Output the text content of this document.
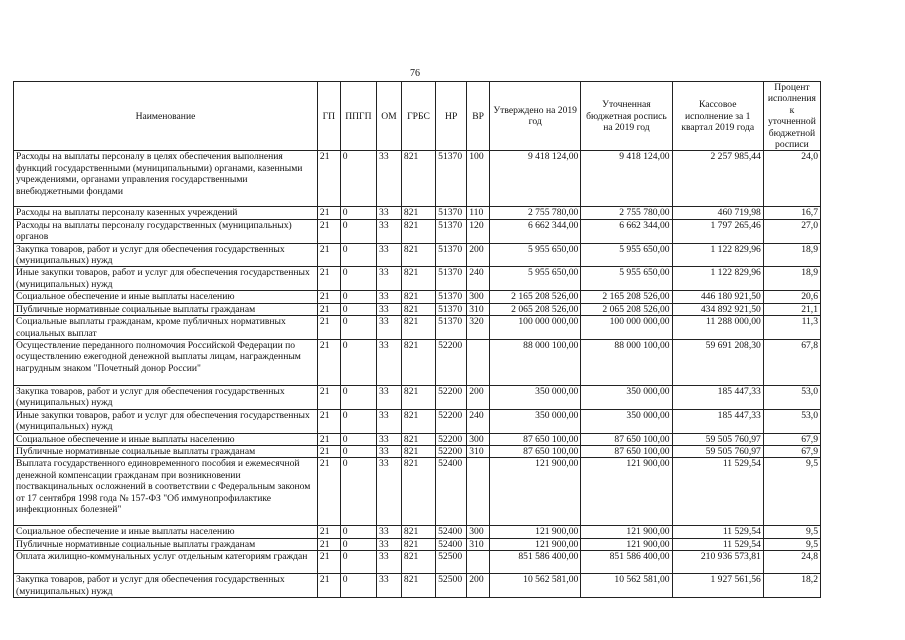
76
Наименование	ГП	ППГП	ОМ	ГРБС	НР	ВР	Утверждено на 2019 год	Уточненная бюджетная роспись на 2019 год	Кассовое исполнение за 1 квартал 2019 года	Процент исполнения к уточненной бюджетной росписи
Расходы на выплаты персоналу в целях обеспечения выполнения функций государственными (муниципальными) органами, казенными учреждениями, органами управления государственными внебюджетными фондами	21	0	33	821	51370	100	9 418 124,00	9 418 124,00	2 257 985,44	24,0
Расходы на выплаты персоналу казенных учреждений	21	0	33	821	51370	110	2 755 780,00	2 755 780,00	460 719,98	16,7
Расходы на выплаты персоналу государственных (муниципальных) органов	21	0	33	821	51370	120	6 662 344,00	6 662 344,00	1 797 265,46	27,0
Закупка товаров, работ и услуг для обеспечения государственных (муниципальных) нужд	21	0	33	821	51370	200	5 955 650,00	5 955 650,00	1 122 829,96	18,9
Иные закупки товаров, работ и услуг для обеспечения государственных (муниципальных) нужд	21	0	33	821	51370	240	5 955 650,00	5 955 650,00	1 122 829,96	18,9
Социальное обеспечение и иные выплаты населению	21	0	33	821	51370	300	2 165 208 526,00	2 165 208 526,00	446 180 921,50	20,6
Публичные нормативные социальные выплаты гражданам	21	0	33	821	51370	310	2 065 208 526,00	2 065 208 526,00	434 892 921,50	21,1
Социальные выплаты гражданам, кроме публичных нормативных социальных выплат	21	0	33	821	51370	320	100 000 000,00	100 000 000,00	11 288 000,00	11,3
Осуществление переданного полномочия Российской Федерации по осуществлению ежегодной денежной выплаты лицам, награжденным нагрудным знаком "Почетный донор России"	21	0	33	821	52200		88 000 100,00	88 000 100,00	59 691 208,30	67,8
Закупка товаров, работ и услуг для обеспечения государственных (муниципальных) нужд	21	0	33	821	52200	200	350 000,00	350 000,00	185 447,33	53,0
Иные закупки товаров, работ и услуг для обеспечения государственных (муниципальных) нужд	21	0	33	821	52200	240	350 000,00	350 000,00	185 447,33	53,0
Социальное обеспечение и иные выплаты населению	21	0	33	821	52200	300	87 650 100,00	87 650 100,00	59 505 760,97	67,9
Публичные нормативные социальные выплаты гражданам	21	0	33	821	52200	310	87 650 100,00	87 650 100,00	59 505 760,97	67,9
Выплата государственного единовременного пособия и ежемесячной денежной компенсации гражданам при возникновении поствакцинальных осложнений в соответствии с Федеральным законом от 17 сентября 1998 года № 157-ФЗ "Об иммунопрофилактике инфекционных болезней"	21	0	33	821	52400		121 900,00	121 900,00	11 529,54	9,5
Социальное обеспечение и иные выплаты населению	21	0	33	821	52400	300	121 900,00	121 900,00	11 529,54	9,5
Публичные нормативные социальные выплаты гражданам	21	0	33	821	52400	310	121 900,00	121 900,00	11 529,54	9,5
Оплата жилищно-коммунальных услуг отдельным категориям граждан	21	0	33	821	52500		851 586 400,00	851 586 400,00	210 936 573,81	24,8
Закупка товаров, работ и услуг для обеспечения государственных (муниципальных) нужд	21	0	33	821	52500	200	10 562 581,00	10 562 581,00	1 927 561,56	18,2
